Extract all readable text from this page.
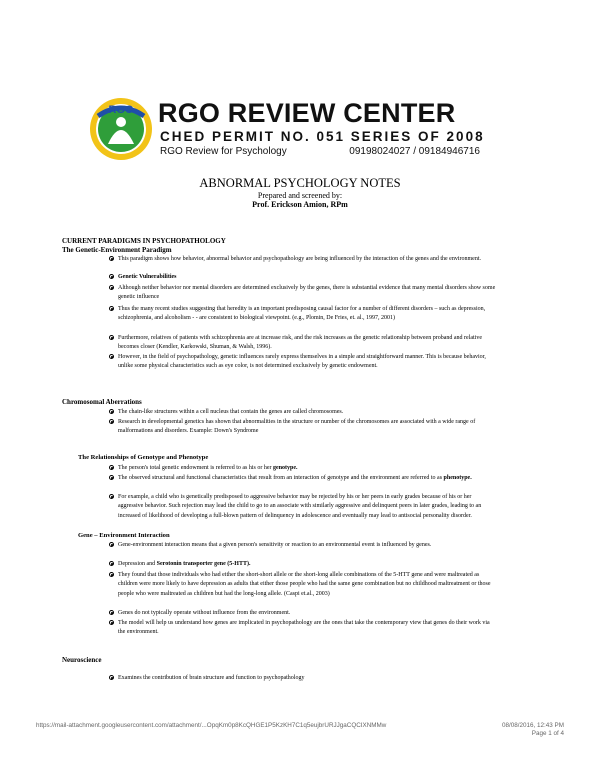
RGO RGO REVIEW CENTER
CHED PERMIT NO. 051 SERIES OF 2008
RGO Review for Psychology	09198024027 / 09184946716
ABNORMAL PSYCHOLOGY NOTES
Prepared and screened by:
Prof. Erickson Amion, RPm
CURRENT PARADIGMS IN PSYCHOPATHOLOGY
The Genetic-Environment Paradigm
This paradigm shows how behavior, abnormal behavior and psychopathology are being influenced by the interaction of the genes and the environment.
Genetic Vulnerabilities
Although neither behavior nor mental disorders are determined exclusively by the genes, there is substantial evidence that many mental disorders show some genetic influence
Thus the many recent studies suggesting that heredity is an important predisposing causal factor for a number of different disorders – such as depression, schizophrenia, and alcoholism - - are consistent to biological viewpoint. (e.g., Plomin, De Fries, et. al., 1997, 2001)
Furthermore, relatives of patients with schizophrenia are at increase risk, and the risk increases as the genetic relationship between proband and relative becomes closer (Kendler, Karkowski, Shuman, & Walsh, 1996).
However, in the field of psychopathology, genetic influences rarely express themselves in a simple and straightforward manner. This is because behavior, unlike some physical characteristics such as eye color, is not determined exclusively by genetic endowment.
Chromosomal Aberrations
The chain-like structures within a cell nucleus that contain the genes are called chromosomes.
Research in developmental genetics has shown that abnormalities in the structure or number of the chromosomes are associated with a wide range of malformations and disorders. Example: Down's Syndrome
The Relationships of Genotype and Phenotype
The person's total genetic endowment is referred to as his or her genotype.
The observed structural and functional characteristics that result from an interaction of genotype and the environment are referred to as phenotype.
For example, a child who is genetically predisposed to aggressive behavior may be rejected by his or her peers in early grades because of his or her aggressive behavior. Such rejection may lead the child to go to an associate with similarly aggressive and delinquent peers in later grades, leading to an increased of likelihood of developing a full-blown pattern of delinquency in adolescence and eventually may lead to antisocial personality disorder.
Gene – Environment Interaction
Gene-environment interaction means that a given person's sensitivity or reaction to an environmental event is influenced by genes.
Depression and Serotonin transporter gene (5-HTT).
They found that those individuals who had either the short-short allele or the short-long allele combinations of the 5-HTT gene and were maltreated as children were more likely to have depression as adults that either those people who had the same gene combination but no childhood maltreatment or those people who were maltreated as children but had the long-long allele. (Caspi et.al., 2003)
Genes do not typically operate without influence from the environment.
The model will help us understand how genes are implicated in psychopathology are the ones that take the contemporary view that genes do their work via the environment.
Neuroscience
Examines the contribution of brain structure and function to psychopathology
https://mail-attachment.googleusercontent.com/attachment/...OpqKm0p8KcQHGE1P5KzKH7C1q5eujbrURJJgaCQCIXNMMw	08/08/2016, 12:43 PM
Page 1 of 4
